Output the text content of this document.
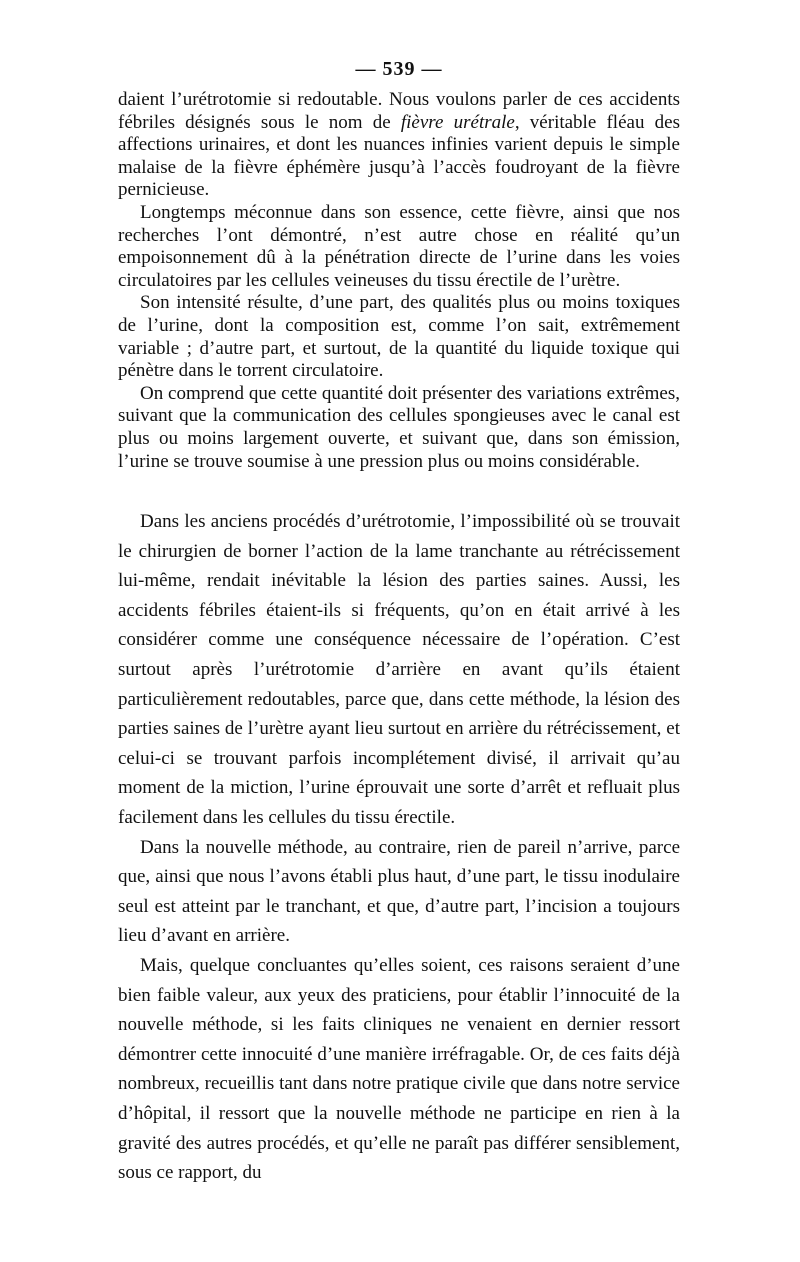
— 539 —

daient l’urétrotomie si redoutable. Nous voulons parler de ces accidents fébriles désignés sous le nom de fièvre urétrale, véritable fléau des affections urinaires, et dont les nuances infinies varient depuis le simple malaise de la fièvre éphémère jusqu’à l’accès foudroyant de la fièvre pernicieuse.

Longtemps méconnue dans son essence, cette fièvre, ainsi que nos recherches l’ont démontré, n’est autre chose en réalité qu’un empoisonnement dû à la pénétration directe de l’urine dans les voies circulatoires par les cellules veineuses du tissu érectile de l’urètre.

Son intensité résulte, d’une part, des qualités plus ou moins toxiques de l’urine, dont la composition est, comme l’on sait, extrêmement variable ; d’autre part, et surtout, de la quantité du liquide toxique qui pénètre dans le torrent circulatoire.

On comprend que cette quantité doit présenter des variations extrêmes, suivant que la communication des cellules spongieuses avec le canal est plus ou moins largement ouverte, et suivant que, dans son émission, l’urine se trouve soumise à une pression plus ou moins considérable.

Dans les anciens procédés d’urétrotomie, l’impossibilité où se trouvait le chirurgien de borner l’action de la lame tranchante au rétrécissement lui-même, rendait inévitable la lésion des parties saines. Aussi, les accidents fébriles étaient-ils si fréquents, qu’on en était arrivé à les considérer comme une conséquence nécessaire de l’opération. C’est surtout après l’urétrotomie d’arrière en avant qu’ils étaient particulièrement redoutables, parce que, dans cette méthode, la lésion des parties saines de l’urètre ayant lieu surtout en arrière du rétrécissement, et celui-ci se trouvant parfois incomplétement divisé, il arrivait qu’au moment de la miction, l’urine éprouvait une sorte d’arrêt et refluait plus facilement dans les cellules du tissu érectile.

Dans la nouvelle méthode, au contraire, rien de pareil n’arrive, parce que, ainsi que nous l’avons établi plus haut, d’une part, le tissu inodulaire seul est atteint par le tranchant, et que, d’autre part, l’incision a toujours lieu d’avant en arrière.

Mais, quelque concluantes qu’elles soient, ces raisons seraient d’une bien faible valeur, aux yeux des praticiens, pour établir l’innocuité de la nouvelle méthode, si les faits cliniques ne venaient en dernier ressort démontrer cette innocuité d’une manière irréfragable. Or, de ces faits déjà nombreux, recueillis tant dans notre pratique civile que dans notre service d’hôpital, il ressort que la nouvelle méthode ne participe en rien à la gravité des autres procédés, et qu’elle ne paraît pas différer sensiblement, sous ce rapport, du
